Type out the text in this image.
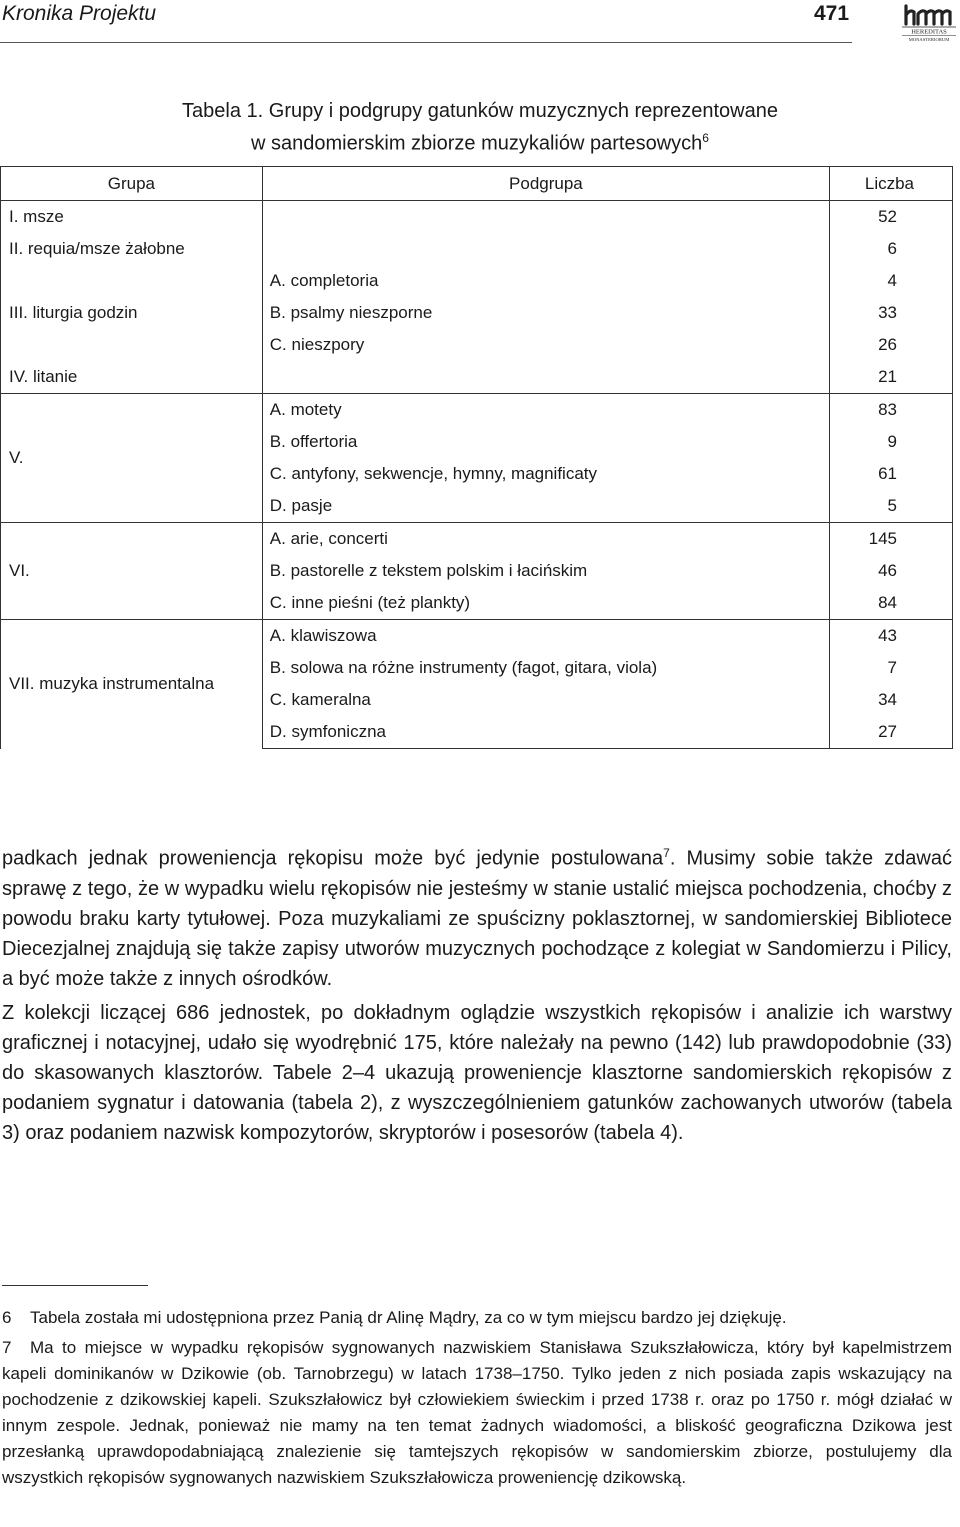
Kronika Projektu	471
HEREDITAS
MONASTERIORUM
Tabela 1. Grupy i podgrupy gatunków muzycznych reprezentowane
w sandomierskim zbiorze muzykaliów partesowych$^6$
Grupa	Podgrupa	Liczba
I. msze		52
II. requia/msze żałobne		6
III. liturgia godzin	A. completoria	4
	B. psalmy nieszporne	33
	C. nieszpory	26
IV. litanie		21
V.	A. motety	83
	B. offertoria	9
	C. antyfony, sekwencje, hymny, magnificaty	61
	D. pasje	5
VI.	A. arie, concerti	145
	B. pastorelle z tekstem polskim i łacińskim	46
	C. inne pieśni (też plankty)	84
VII. muzyka instrumentalna	A. klawiszowa	43
	B. solowa na różne instrumenty (fagot, gitara, viola)	7
	C. kameralna	34
	D. symfoniczna	27

padkach jednak proweniencja rękopisu może być jedynie postulowana$^7$. Musimy sobie także zdawać sprawę z tego, że w wypadku wielu rękopisów nie jesteśmy w stanie ustalić miejsca pochodzenia, choćby z powodu braku karty tytułowej. Poza muzykaliami ze spuścizny poklasztornej, w sandomierskiej Bibliotece Diecezjalnej znajdują się także zapisy utworów muzycznych pochodzące z kolegiat w Sandomierzu i Pilicy, a być może także z innych ośrodków.

Z kolekcji liczącej 686 jednostek, po dokładnym oglądzie wszystkich rękopisów i analizie ich warstwy graficznej i notacyjnej, udało się wyodrębnić 175, które należały na pewno (142) lub prawdopodobnie (33) do skasowanych klasztorów. Tabele 2–4 ukazują proweniencje klasztorne sandomierskich rękopisów z podaniem sygnatur i datowania (tabela 2), z wyszczególnieniem gatunków zachowanych utworów (tabela 3) oraz podaniem nazwisk kompozytorów, skryptorów i posesorów (tabela 4).

6 Tabela została mi udostępniona przez Panią dr Alinę Mądry, za co w tym miejscu bardzo jej dziękuję.

7 Ma to miejsce w wypadku rękopisów sygnowanych nazwiskiem Stanisława Szukszłałowicza, który był kapelmistrzem kapeli dominikanów w Dzikowie (ob. Tarnobrzegu) w latach 1738–1750. Tylko jeden z nich posiada zapis wskazujący na pochodzenie z dzikowskiej kapeli. Szukszłałowicz był człowiekiem świeckim i przed 1738 r. oraz po 1750 r. mógł działać w innym zespole. Jednak, ponieważ nie mamy na ten temat żadnych wiadomości, a bliskość geograficzna Dzikowa jest przesłanką uprawdopodabniającą znalezienie się tamtejszych rękopisów w sandomierskim zbiorze, postulujemy dla wszystkich rękopisów sygnowanych nazwiskiem Szukszłałowicza proweniencję dzikowską.
